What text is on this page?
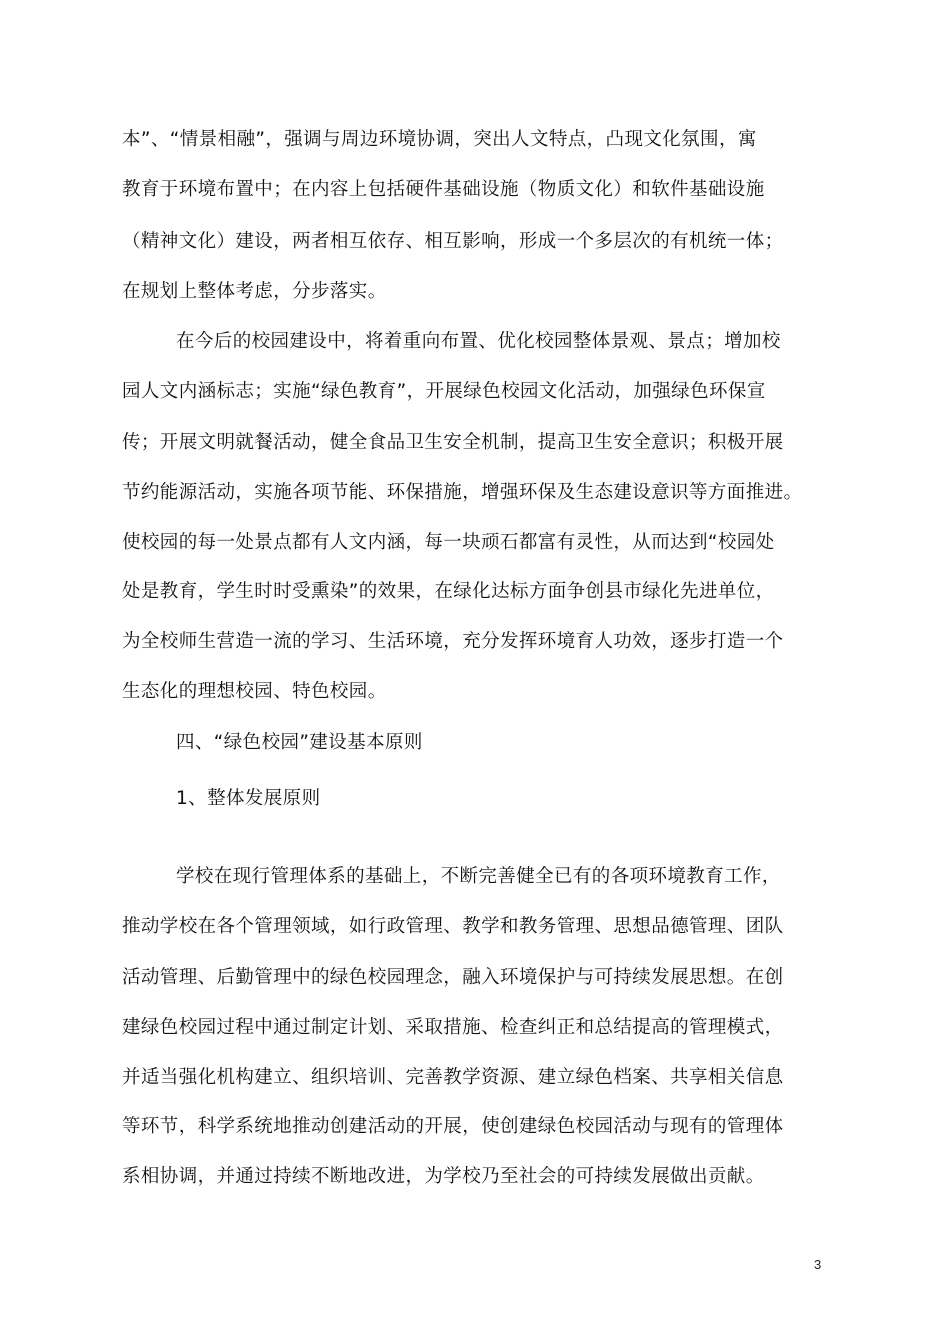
本”、“情景相融”，强调与周边环境协调，突出人文特点，凸现文化氛围，寓
教育于环境布置中；在内容上包括硬件基础设施（物质文化）和软件基础设施
（精神文化）建设，两者相互依存、相互影响，形成一个多层次的有机统一体；
在规划上整体考虑，分步落实。
在今后的校园建设中，将着重向布置、优化校园整体景观、景点；增加校
园人文内涵标志；实施“绿色教育”，开展绿色校园文化活动，加强绿色环保宣
传；开展文明就餐活动，健全食品卫生安全机制，提高卫生安全意识；积极开展
节约能源活动，实施各项节能、环保措施，增强环保及生态建设意识等方面推进。
使校园的每一处景点都有人文内涵，每一块顽石都富有灵性，从而达到“校园处
处是教育，学生时时受熏染”的效果，在绿化达标方面争创县市绿化先进单位，
为全校师生营造一流的学习、生活环境，充分发挥环境育人功效，逐步打造一个
生态化的理想校园、特色校园。
四、“绿色校园”建设基本原则
1、整体发展原则
学校在现行管理体系的基础上，不断完善健全已有的各项环境教育工作，
推动学校在各个管理领域，如行政管理、教学和教务管理、思想品德管理、团队
活动管理、后勤管理中的绿色校园理念，融入环境保护与可持续发展思想。在创
建绿色校园过程中通过制定计划、采取措施、检查纠正和总结提高的管理模式，
并适当强化机构建立、组织培训、完善教学资源、建立绿色档案、共享相关信息
等环节，科学系统地推动创建活动的开展，使创建绿色校园活动与现有的管理体
系相协调，并通过持续不断地改进，为学校乃至社会的可持续发展做出贡献。
3
